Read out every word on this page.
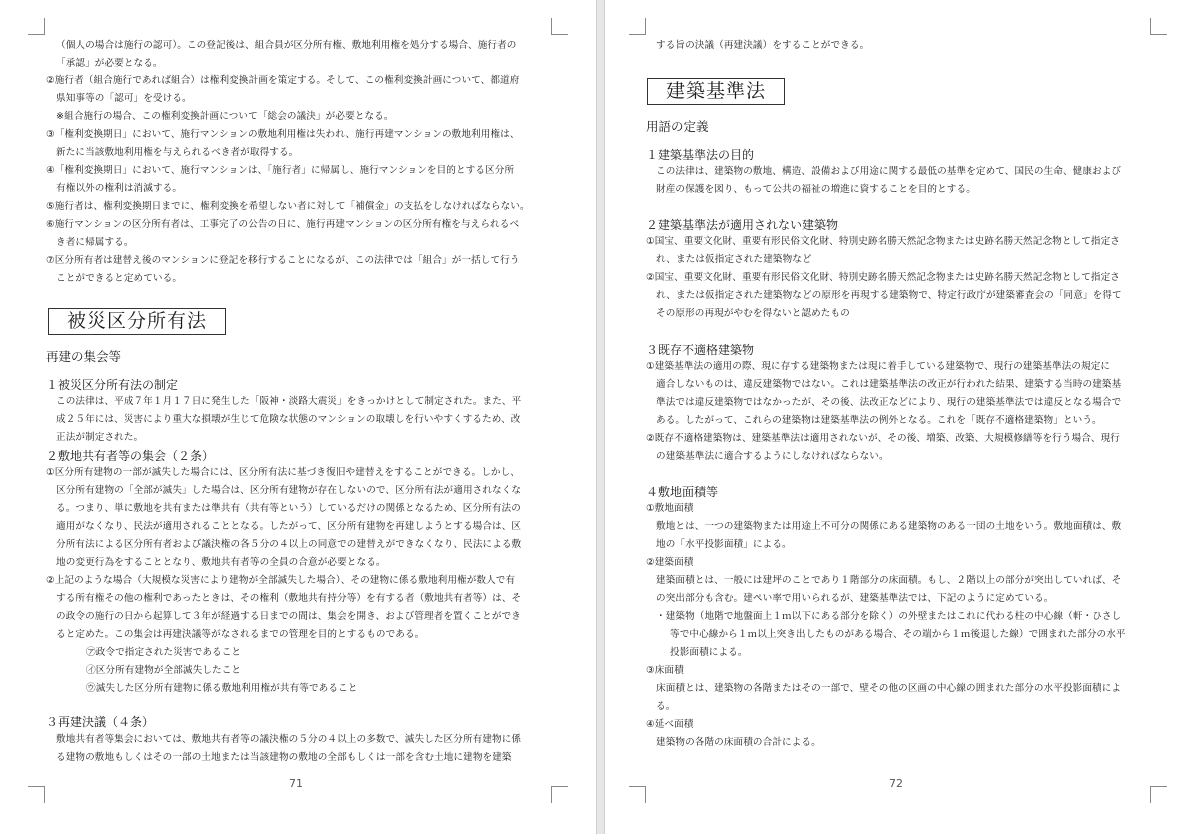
（個人の場合は施行の認可）。この登記後は、組合員が区分所有権、敷地利用権を処分する場合、施行者の
「承認」が必要となる。
②施行者（組合施行であれば組合）は権利変換計画を策定する。そして、この権利変換計画について、都道府
県知事等の「認可」を受ける。
※組合施行の場合、この権利変換計画について「総会の議決」が必要となる。
③「権利変換期日」において、施行マンションの敷地利用権は失われ、施行再建マンションの敷地利用権は、
新たに当該敷地利用権を与えられるべき者が取得する。
④「権利変換期日」において、施行マンションは、「施行者」に帰属し、施行マンションを目的とする区分所
有権以外の権利は消滅する。
⑤施行者は、権利変換期日までに、権利変換を希望しない者に対して「補償金」の支払をしなければならない。
⑥施行マンションの区分所有者は、工事完了の公告の日に、施行再建マンションの区分所有権を与えられるべ
き者に帰属する。
⑦区分所有者は建替え後のマンションに登記を移行することになるが、この法律では「組合」が一括して行う
ことができると定めている。
１被災区分所有法の制定
この法律は、平成７年１月１７日に発生した「阪神・淡路大震災」をきっかけとして制定された。また、平
成２５年には、災害により重大な損壊が生じて危険な状態のマンションの取壊しを行いやすくするため、改
正法が制定された。
２敷地共有者等の集会（２条）
①区分所有建物の一部が滅失した場合には、区分所有法に基づき復旧や建替えをすることができる。しかし、
区分所有建物の「全部が滅失」した場合は、区分所有建物が存在しないので、区分所有法が適用されなくな
る。つまり、単に敷地を共有または準共有（共有等という）しているだけの関係となるため、区分所有法の
適用がなくなり、民法が適用されることとなる。したがって、区分所有建物を再建しようとする場合は、区
分所有法による区分所有者および議決権の各５分の４以上の同意での建替えができなくなり、民法による敷
地の変更行為をすることとなり、敷地共有者等の全員の合意が必要となる。
②上記のような場合（大規模な災害により建物が全部滅失した場合）、その建物に係る敷地利用権が数人で有
する所有権その他の権利であったときは、その権利（敷地共有持分等）を有する者（敷地共有者等）は、そ
の政令の施行の日から起算して３年が経過する日までの間は、集会を開き、および管理者を置くことができ
ると定めた。この集会は再建決議等がなされるまでの管理を目的とするものである。
㋐政令で指定された災害であること
㋑区分所有建物が全部滅失したこと
㋒滅失した区分所有建物に係る敷地利用権が共有等であること
３再建決議（４条）
敷地共有者等集会においては、敷地共有者等の議決権の５分の４以上の多数で、滅失した区分所有建物に係
る建物の敷地もしくはその一部の土地または当該建物の敷地の全部もしくは一部を含む土地に建物を建築
被災区分所有法
再建の集会等
71
する旨の決議（再建決議）をすることができる。
１建築基準法の目的
この法律は、建築物の敷地、構造、設備および用途に関する最低の基準を定めて、国民の生命、健康および
財産の保護を図り、もって公共の福祉の増進に資することを目的とする。
２建築基準法が適用されない建築物
①国宝、重要文化財、重要有形民俗文化財、特別史跡名勝天然記念物または史跡名勝天然記念物として指定さ
れ、または仮指定された建築物など
②国宝、重要文化財、重要有形民俗文化財、特別史跡名勝天然記念物または史跡名勝天然記念物として指定さ
れ、または仮指定された建築物などの原形を再現する建築物で、特定行政庁が建築審査会の「同意」を得て
その原形の再現がやむを得ないと認めたもの
３既存不適格建築物
①建築基準法の適用の際、現に存する建築物または現に着手している建築物で、現行の建築基準法の規定に
適合しないものは、違反建築物ではない。これは建築基準法の改正が行われた結果、建築する当時の建築基
準法では違反建築物ではなかったが、その後、法改正などにより、現行の建築基準法では違反となる場合で
ある。したがって、これらの建築物は建築基準法の例外となる。これを「既存不適格建築物」という。
②既存不適格建築物は、建築基準法は適用されないが、その後、増築、改築、大規模修繕等を行う場合、現行
の建築基準法に適合するようにしなければならない。
４敷地面積等
①敷地面積
敷地とは、一つの建築物または用途上不可分の関係にある建築物のある一団の土地をいう。敷地面積は、敷
地の「水平投影面積」による。
②建築面積
建築面積とは、一般には建坪のことであり１階部分の床面積。もし、２階以上の部分が突出していれば、そ
の突出部分も含む。建ぺい率で用いられるが、建築基準法では、下記のように定めている。
・建築物（地階で地盤面上１ｍ以下にある部分を除く）の外壁またはこれに代わる柱の中心線（軒・ひさし
等で中心線から１ｍ以上突き出したものがある場合、その端から１ｍ後退した線）で囲まれた部分の水平
投影面積による。
③床面積
床面積とは、建築物の各階またはその一部で、壁その他の区画の中心線の囲まれた部分の水平投影面積によ
る。
④延べ面積
建築物の各階の床面積の合計による。
建築基準法
用語の定義
72
